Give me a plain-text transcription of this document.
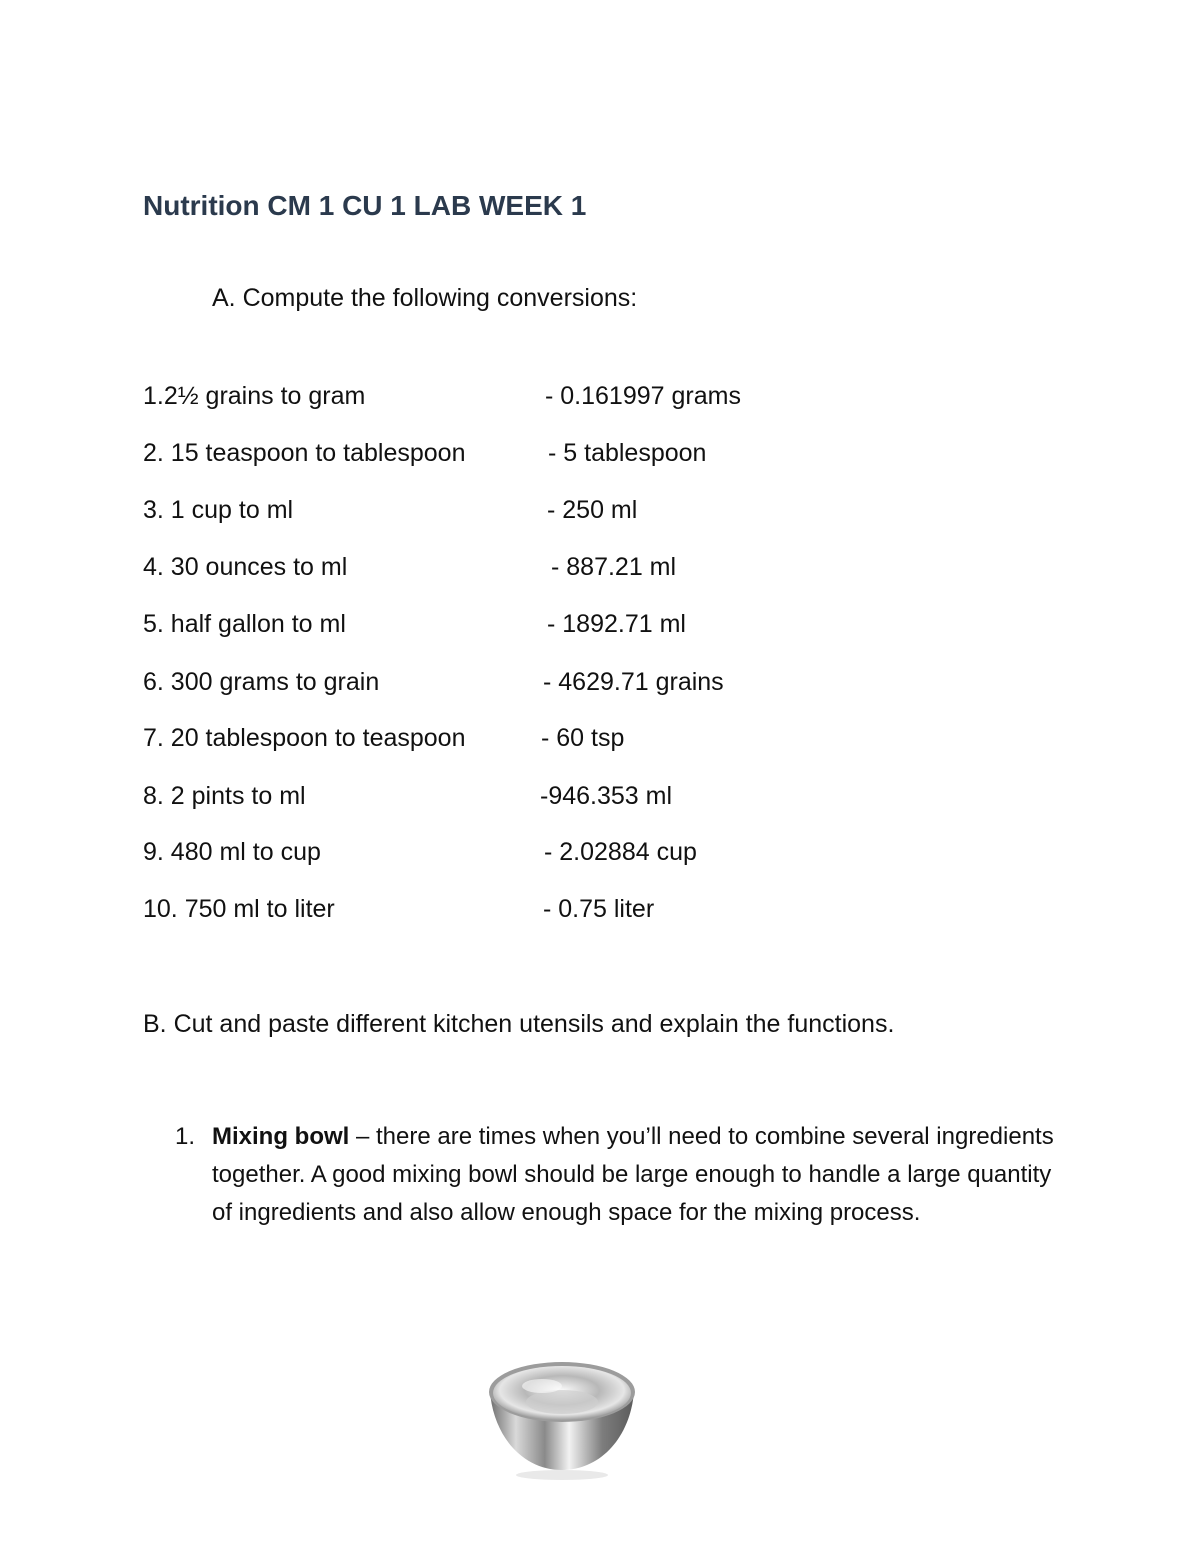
Nutrition CM 1 CU 1 LAB WEEK 1
A. Compute the following conversions:
1.2½ grains to gram	- 0.161997 grams
2. 15 teaspoon to tablespoon	- 5 tablespoon
3. 1 cup to ml	- 250 ml
4. 30 ounces to ml	- 887.21 ml
5. half gallon to ml	- 1892.71 ml
6. 300 grams to grain	- 4629.71 grains
7. 20 tablespoon to teaspoon	- 60 tsp
8. 2 pints to ml	-946.353 ml
9. 480 ml to cup	- 2.02884 cup
10. 750 ml to liter	- 0.75 liter
B. Cut and paste different kitchen utensils and explain the functions.
1. Mixing bowl – there are times when you’ll need to combine several ingredients together. A good mixing bowl should be large enough to handle a large quantity of ingredients and also allow enough space for the mixing process.
